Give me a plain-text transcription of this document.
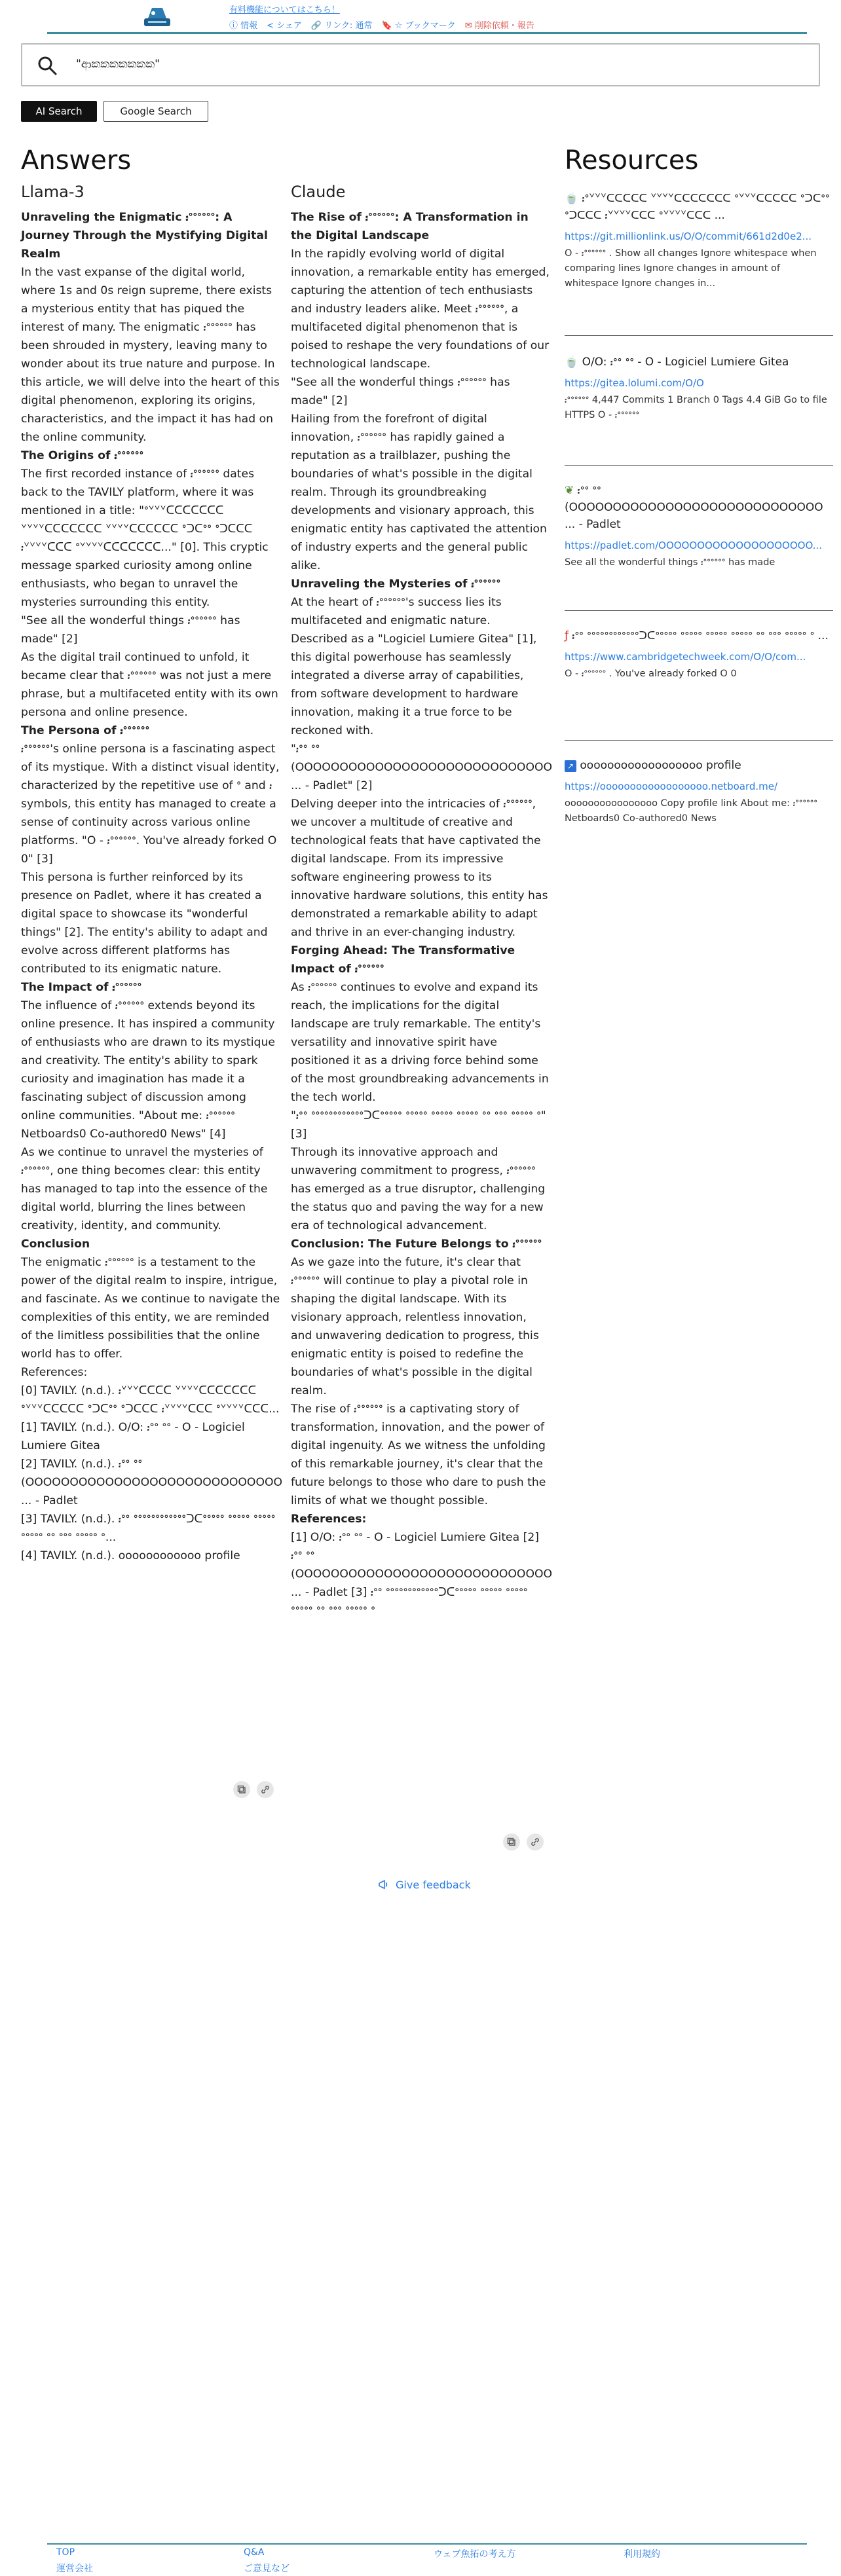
有料機能についてはこちら！
ⓘ 情報 < シェア 🔗 リンク: 通常 🔖 ☆ ブックマーク ✉ 削除依頼・報告
"ආකකකකකකක"
AI Search	Google Search
Answers	Resources
Llama-3
Unraveling the Enigmatic ᎓ᐤᐤᐤᐤᐤᐤ: A Journey Through the Mystifying Digital Realm

In the vast expanse of the digital world, where 1s and 0s reign supreme, there exists a mysterious entity that has piqued the interest of many. The enigmatic ᎓ᐤᐤᐤᐤᐤᐤ has been shrouded in mystery, leaving many to wonder about its true nature and purpose. In this article, we will delve into the heart of this digital phenomenon, exploring its origins, characteristics, and the impact it has had on the online community.

The Origins of ᎓ᐤᐤᐤᐤᐤᐤ

The first recorded instance of ᎓ᐤᐤᐤᐤᐤᐤ dates back to the TAVILY platform, where it was mentioned in a title: "ᐤᘁᘁᘁᑕᑕᑕᑕᑕᑕᑕ ᘁᘁᘁᘁᑕᑕᑕᑕᑕᑕᑕ ᘁᘁᘁᘁᑕᑕᑕᑕᑕᑕ ᐤᑐᑕᐤᐤ ᐤᑐᑕᑕᑕ ᎓ᘁᘁᘁᘁᑕᑕᑕ ᐤᘁᘁᘁᘁᑕᑕᑕᑕᑕᑕᑕ..." [0]. This cryptic message sparked curiosity among online enthusiasts, who began to unravel the mysteries surrounding this entity.

"See all the wonderful things ᎓ᐤᐤᐤᐤᐤᐤ has made" [2]

As the digital trail continued to unfold, it became clear that ᎓ᐤᐤᐤᐤᐤᐤ was not just a mere phrase, but a multifaceted entity with its own persona and online presence.

The Persona of ᎓ᐤᐤᐤᐤᐤᐤ

᎓ᐤᐤᐤᐤᐤᐤ's online persona is a fascinating aspect of its mystique. With a distinct visual identity, characterized by the repetitive use of ᐤ and ᎓ symbols, this entity has managed to create a sense of continuity across various online platforms. "O - ᎓ᐤᐤᐤᐤᐤᐤ. You've already forked O 0" [3]

This persona is further reinforced by its presence on Padlet, where it has created a digital space to showcase its "wonderful things" [2]. The entity's ability to adapt and evolve across different platforms has contributed to its enigmatic nature.

The Impact of ᎓ᐤᐤᐤᐤᐤᐤ

The influence of ᎓ᐤᐤᐤᐤᐤᐤ extends beyond its online presence. It has inspired a community of enthusiasts who are drawn to its mystique and creativity. The entity's ability to spark curiosity and imagination has made it a fascinating subject of discussion among online communities. "About me: ᎓ᐤᐤᐤᐤᐤᐤ Netboards0 Co-authored0 News" [4]

As we continue to unravel the mysteries of ᎓ᐤᐤᐤᐤᐤᐤ, one thing becomes clear: this entity has managed to tap into the essence of the digital world, blurring the lines between creativity, identity, and community.

Conclusion

The enigmatic ᎓ᐤᐤᐤᐤᐤᐤ is a testament to the power of the digital realm to inspire, intrigue, and fascinate. As we continue to navigate the complexities of this entity, we are reminded of the limitless possibilities that the online world has to offer.

References:

[0] TAVILY. (n.d.). ᎓ᘁᘁᘁᑕᑕᑕᑕ ᘁᘁᘁᘁᑕᑕᑕᑕᑕᑕᑕ ᐤᘁᘁᘁᑕᑕᑕᑕᑕ ᐤᑐᑕᐤᐤ ᐤᑐᑕᑕᑕ ᎓ᘁᘁᘁᘁᑕᑕᑕ ᐤᘁᘁᘁᘁᑕᑕᑕ...

[1] TAVILY. (n.d.). O/O: ᎓ᐤᐤ ᐤᐤ - O - Logiciel Lumiere Gitea

[2] TAVILY. (n.d.). ᎓ᐤᐤ ᐤᐤ (OOOOOOOOOOOOOOOOOOOOOOOOOOOOO ... - Padlet

[3] TAVILY. (n.d.). ᎓ᐤᐤ ᐤᐤᐤᐤᐤᐤᐤᐤᐤᐤᐤᐤᑐᑕᐤᐤᐤᐤᐤ ᐤᐤᐤᐤᐤ ᐤᐤᐤᐤᐤ ᐤᐤᐤᐤᐤ ᐤᐤ ᐤᐤᐤ ᐤᐤᐤᐤᐤ ᐤ...

[4] TAVILY. (n.d.). oooooooooooo profile

Claude
The Rise of ᎓ᐤᐤᐤᐤᐤᐤ: A Transformation in the Digital Landscape

In the rapidly evolving world of digital innovation, a remarkable entity has emerged, capturing the attention of tech enthusiasts and industry leaders alike. Meet ᎓ᐤᐤᐤᐤᐤᐤ, a multifaceted digital phenomenon that is poised to reshape the very foundations of our technological landscape.

"See all the wonderful things ᎓ᐤᐤᐤᐤᐤᐤ has made" [2]

Hailing from the forefront of digital innovation, ᎓ᐤᐤᐤᐤᐤᐤ has rapidly gained a reputation as a trailblazer, pushing the boundaries of what's possible in the digital realm. Through its groundbreaking developments and visionary approach, this enigmatic entity has captivated the attention of industry experts and the general public alike.

Unraveling the Mysteries of ᎓ᐤᐤᐤᐤᐤᐤ

At the heart of ᎓ᐤᐤᐤᐤᐤᐤ's success lies its multifaceted and enigmatic nature. Described as a "Logiciel Lumiere Gitea" [1], this digital powerhouse has seamlessly integrated a diverse array of capabilities, from software development to hardware innovation, making it a true force to be reckoned with.

"᎓ᐤᐤ ᐤᐤ (OOOOOOOOOOOOOOOOOOOOOOOOOOOOO ... - Padlet" [2]

Delving deeper into the intricacies of ᎓ᐤᐤᐤᐤᐤᐤ, we uncover a multitude of creative and technological feats that have captivated the digital landscape. From its impressive software engineering prowess to its innovative hardware solutions, this entity has demonstrated a remarkable ability to adapt and thrive in an ever-changing industry.

Forging Ahead: The Transformative Impact of ᎓ᐤᐤᐤᐤᐤᐤ

As ᎓ᐤᐤᐤᐤᐤᐤ continues to evolve and expand its reach, the implications for the digital landscape are truly remarkable. The entity's versatility and innovative spirit have positioned it as a driving force behind some of the most groundbreaking advancements in the tech world.

"᎓ᐤᐤ ᐤᐤᐤᐤᐤᐤᐤᐤᐤᐤᐤᐤᑐᑕᐤᐤᐤᐤᐤ ᐤᐤᐤᐤᐤ ᐤᐤᐤᐤᐤ ᐤᐤᐤᐤᐤ ᐤᐤ ᐤᐤᐤ ᐤᐤᐤᐤᐤ ᐤ" [3]

Through its innovative approach and unwavering commitment to progress, ᎓ᐤᐤᐤᐤᐤᐤ has emerged as a true disruptor, challenging the status quo and paving the way for a new era of technological advancement.

Conclusion: The Future Belongs to ᎓ᐤᐤᐤᐤᐤᐤ

As we gaze into the future, it's clear that ᎓ᐤᐤᐤᐤᐤᐤ will continue to play a pivotal role in shaping the digital landscape. With its visionary approach, relentless innovation, and unwavering dedication to progress, this enigmatic entity is poised to redefine the boundaries of what's possible in the digital realm.

The rise of ᎓ᐤᐤᐤᐤᐤᐤ is a captivating story of transformation, innovation, and the power of digital ingenuity. As we witness the unfolding of this remarkable journey, it's clear that the future belongs to those who dare to push the limits of what we thought possible.

References:

[1] O/O: ᎓ᐤᐤ ᐤᐤ - O - Logiciel Lumiere Gitea [2] ᎓ᐤᐤ ᐤᐤ (OOOOOOOOOOOOOOOOOOOOOOOOOOOOO ... - Padlet [3] ᎓ᐤᐤ ᐤᐤᐤᐤᐤᐤᐤᐤᐤᐤᐤᐤᑐᑕᐤᐤᐤᐤᐤ ᐤᐤᐤᐤᐤ ᐤᐤᐤᐤᐤ ᐤᐤᐤᐤᐤ ᐤᐤ ᐤᐤᐤ ᐤᐤᐤᐤᐤ ᐤ

🍵 ᎓ᐤᘁᘁᘁᑕᑕᑕᑕᑕ ᘁᘁᘁᘁᑕᑕᑕᑕᑕᑕᑕ ᐤᘁᘁᘁᑕᑕᑕᑕᑕ ᐤᑐᑕᐤᐤ ᐤᑐᑕᑕᑕ ᎓ᘁᘁᘁᘁᑕᑕᑕ ᐤᘁᘁᘁᘁᑕᑕᑕ ...
https://git.millionlink.us/O/O/commit/661d2d0e2...
O - ᎓ᐤᐤᐤᐤᐤᐤ . Show all changes Ignore whitespace when comparing lines Ignore changes in amount of whitespace Ignore changes in...
🍵 O/O: ᎓ᐤᐤ ᐤᐤ - O - Logiciel Lumiere Gitea
https://gitea.lolumi.com/O/O
᎓ᐤᐤᐤᐤᐤᐤ 4,447 Commits 1 Branch 0 Tags 4.4 GiB Go to file HTTPS O - ᎓ᐤᐤᐤᐤᐤᐤ
❦ ᎓ᐤᐤ ᐤᐤ (OOOOOOOOOOOOOOOOOOOOOOOOOOOOO ... - Padlet
https://padlet.com/OOOOOOOOOOOOOOOOOOOO...
See all the wonderful things ᎓ᐤᐤᐤᐤᐤᐤ has made
ƒ ᎓ᐤᐤ ᐤᐤᐤᐤᐤᐤᐤᐤᐤᐤᐤᐤᑐᑕᐤᐤᐤᐤᐤ ᐤᐤᐤᐤᐤ ᐤᐤᐤᐤᐤ ᐤᐤᐤᐤᐤ ᐤᐤ ᐤᐤᐤ ᐤᐤᐤᐤᐤ ᐤ ...
https://www.cambridgetechweek.com/O/O/com...
O - ᎓ᐤᐤᐤᐤᐤᐤ . You've already forked O 0
↗ oooooooooooooooooo profile
https://oooooooooooooooooo.netboard.me/
oooooooooooooooo Copy profile link About me: ᎓ᐤᐤᐤᐤᐤᐤ Netboards0 Co-authored0 News
Give feedback
TOP	Q&A	ウェブ魚拓の考え方	利用規約
運営会社	ご意見など
